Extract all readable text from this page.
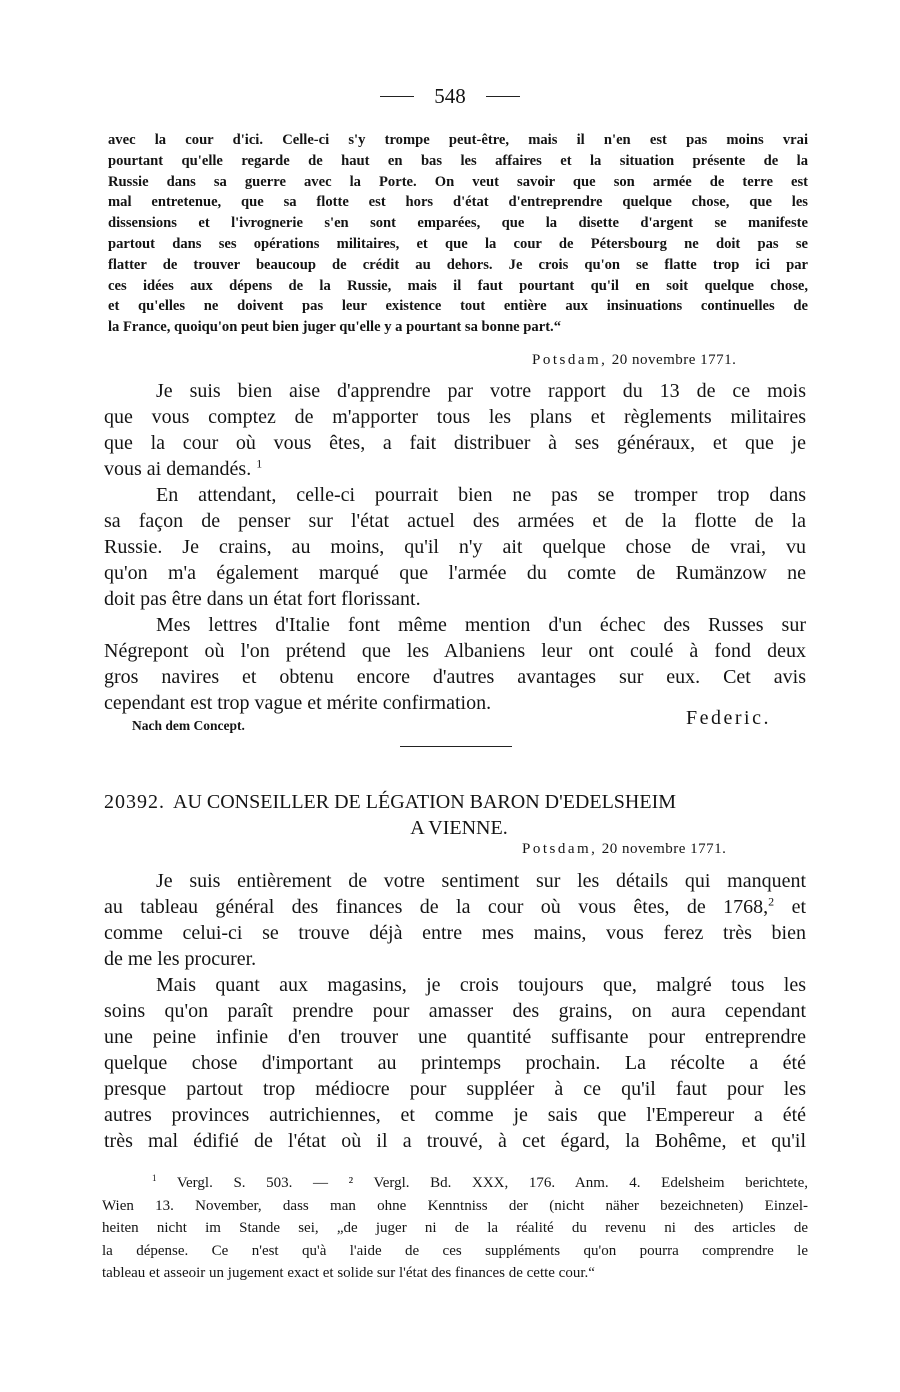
548
avec la cour d'ici. Celle-ci s'y trompe peut-être, mais il n'en est pas moins vrai
pourtant qu'elle regarde de haut en bas les affaires et la situation présente de la
Russie dans sa guerre avec la Porte. On veut savoir que son armée de terre est
mal entretenue, que sa flotte est hors d'état d'entreprendre quelque chose, que les
dissensions et l'ivrognerie s'en sont emparées, que la disette d'argent se manifeste
partout dans ses opérations militaires, et que la cour de Pétersbourg ne doit pas se
flatter de trouver beaucoup de crédit au dehors. Je crois qu'on se flatte trop ici par
ces idées aux dépens de la Russie, mais il faut pourtant qu'il en soit quelque chose,
et qu'elles ne doivent pas leur existence tout entière aux insinuations continuelles de
la France, quoiqu'on peut bien juger qu'elle y a pourtant sa bonne part.“
Potsdam, 20 novembre 1771.
Je suis bien aise d'apprendre par votre rapport du 13 de ce mois
que vous comptez de m'apporter tous les plans et règlements militaires
que la cour où vous êtes, a fait distribuer à ses généraux, et que je
vous ai demandés. $^1$
En attendant, celle-ci pourrait bien ne pas se tromper trop dans
sa façon de penser sur l'état actuel des armées et de la flotte de la
Russie. Je crains, au moins, qu'il n'y ait quelque chose de vrai, vu
qu'on m'a également marqué que l'armée du comte de Rumänzow ne
doit pas être dans un état fort florissant.
Mes lettres d'Italie font même mention d'un échec des Russes sur
Négrepont où l'on prétend que les Albaniens leur ont coulé à fond deux
gros navires et obtenu encore d'autres avantages sur eux. Cet avis
cependant est trop vague et mérite confirmation.
Nach dem Concept.	Federic.
20392. AU CONSEILLER DE LÉGATION BARON D'EDELSHEIM
A VIENNE.
Potsdam, 20 novembre 1771.
Je suis entièrement de votre sentiment sur les détails qui manquent
au tableau général des finances de la cour où vous êtes, de 1768,$^2$ et
comme celui-ci se trouve déjà entre mes mains, vous ferez très bien
de me les procurer.
Mais quant aux magasins, je crois toujours que, malgré tous les
soins qu'on paraît prendre pour amasser des grains, on aura cependant
une peine infinie d'en trouver une quantité suffisante pour entreprendre
quelque chose d'important au printemps prochain. La récolte a été
presque partout trop médiocre pour suppléer à ce qu'il faut pour les
autres provinces autrichiennes, et comme je sais que l'Empereur a été
très mal édifié de l'état où il a trouvé, à cet égard, la Bohême, et qu'il
$^1$ Vergl. S. 503. — ² Vergl. Bd. XXX, 176. Anm. 4. Edelsheim berichtete,
Wien 13. November, dass man ohne Kenntniss der (nicht näher bezeichneten) Einzel-
heiten nicht im Stande sei, „de juger ni de la réalité du revenu ni des articles de
la dépense. Ce n'est qu'à l'aide de ces suppléments qu'on pourra comprendre le
tableau et asseoir un jugement exact et solide sur l'état des finances de cette cour.“
